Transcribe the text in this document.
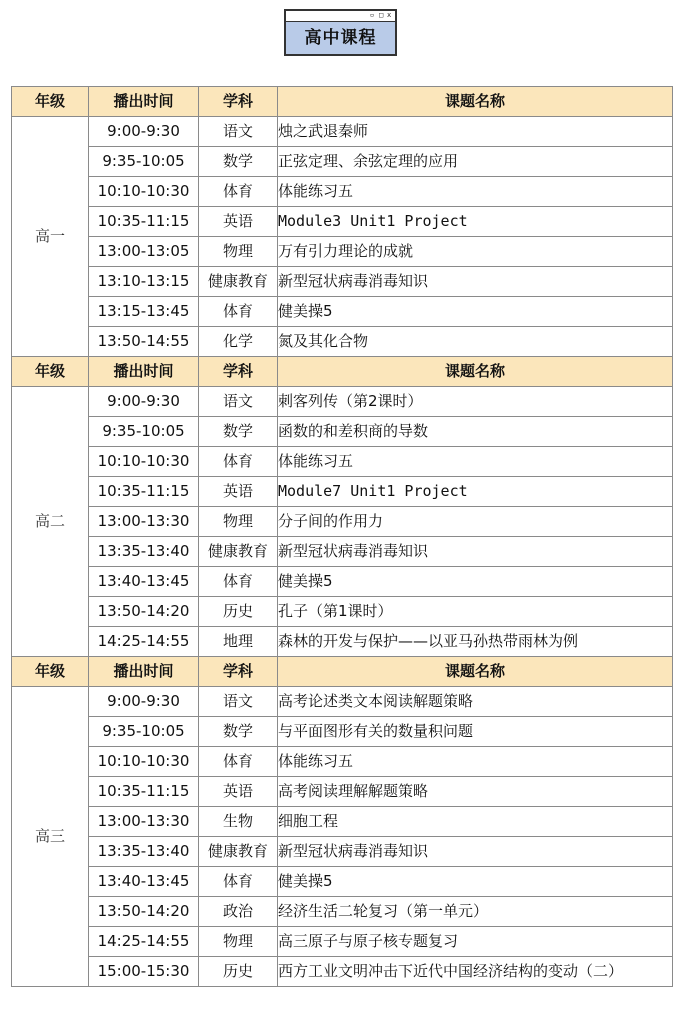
▫ □ x
高中课程
年级	播出时间	学科	课题名称
高一	9:00-9:30	语文	烛之武退秦师
	9:35-10:05	数学	正弦定理、余弦定理的应用
	10:10-10:30	体育	体能练习五
	10:35-11:15	英语	Module3 Unit1 Project
	13:00-13:05	物理	万有引力理论的成就
	13:10-13:15	健康教育	新型冠状病毒消毒知识
	13:15-13:45	体育	健美操5
	13:50-14:55	化学	氮及其化合物
年级	播出时间	学科	课题名称
高二	9:00-9:30	语文	刺客列传（第2课时）
	9:35-10:05	数学	函数的和差积商的导数
	10:10-10:30	体育	体能练习五
	10:35-11:15	英语	Module7 Unit1 Project
	13:00-13:30	物理	分子间的作用力
	13:35-13:40	健康教育	新型冠状病毒消毒知识
	13:40-13:45	体育	健美操5
	13:50-14:20	历史	孔子（第1课时）
	14:25-14:55	地理	森林的开发与保护——以亚马孙热带雨林为例
年级	播出时间	学科	课题名称
高三	9:00-9:30	语文	高考论述类文本阅读解题策略
	9:35-10:05	数学	与平面图形有关的数量积问题
	10:10-10:30	体育	体能练习五
	10:35-11:15	英语	高考阅读理解解题策略
	13:00-13:30	生物	细胞工程
	13:35-13:40	健康教育	新型冠状病毒消毒知识
	13:40-13:45	体育	健美操5
	13:50-14:20	政治	经济生活二轮复习（第一单元）
	14:25-14:55	物理	高三原子与原子核专题复习
	15:00-15:30	历史	西方工业文明冲击下近代中国经济结构的变动（二）
